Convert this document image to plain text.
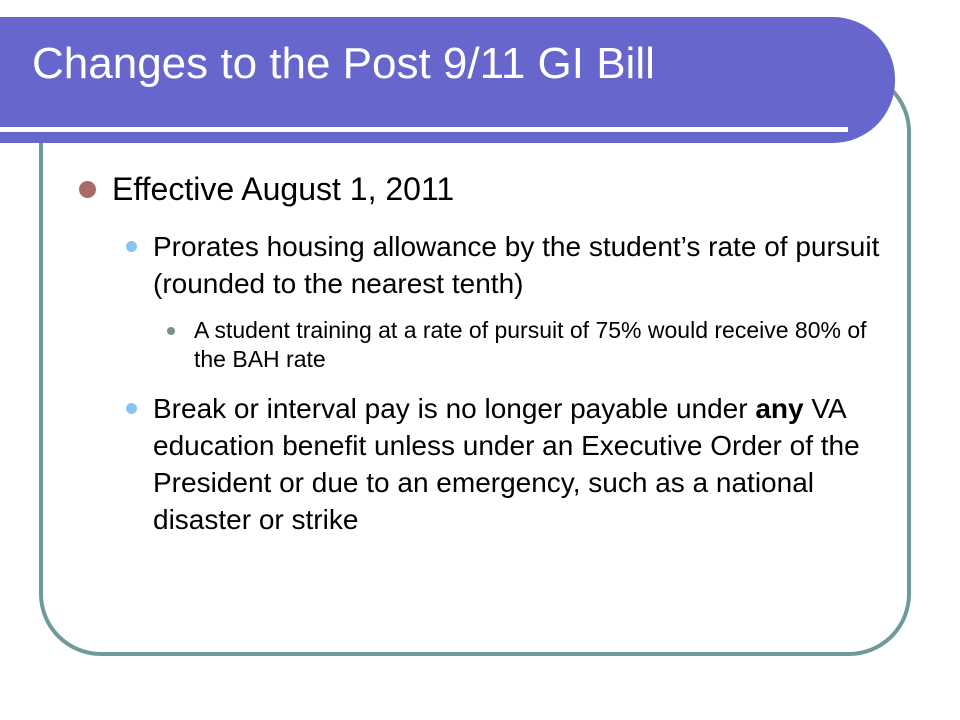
Changes to the Post 9/11 GI Bill
Effective August 1, 2011
Prorates housing allowance by the student’s rate of pursuit (rounded to the nearest tenth)
A student training at a rate of pursuit of 75% would receive 80% of the BAH rate
Break or interval pay is no longer payable under any VA education benefit unless under an Executive Order of the President or due to an emergency, such as a national disaster or strike
